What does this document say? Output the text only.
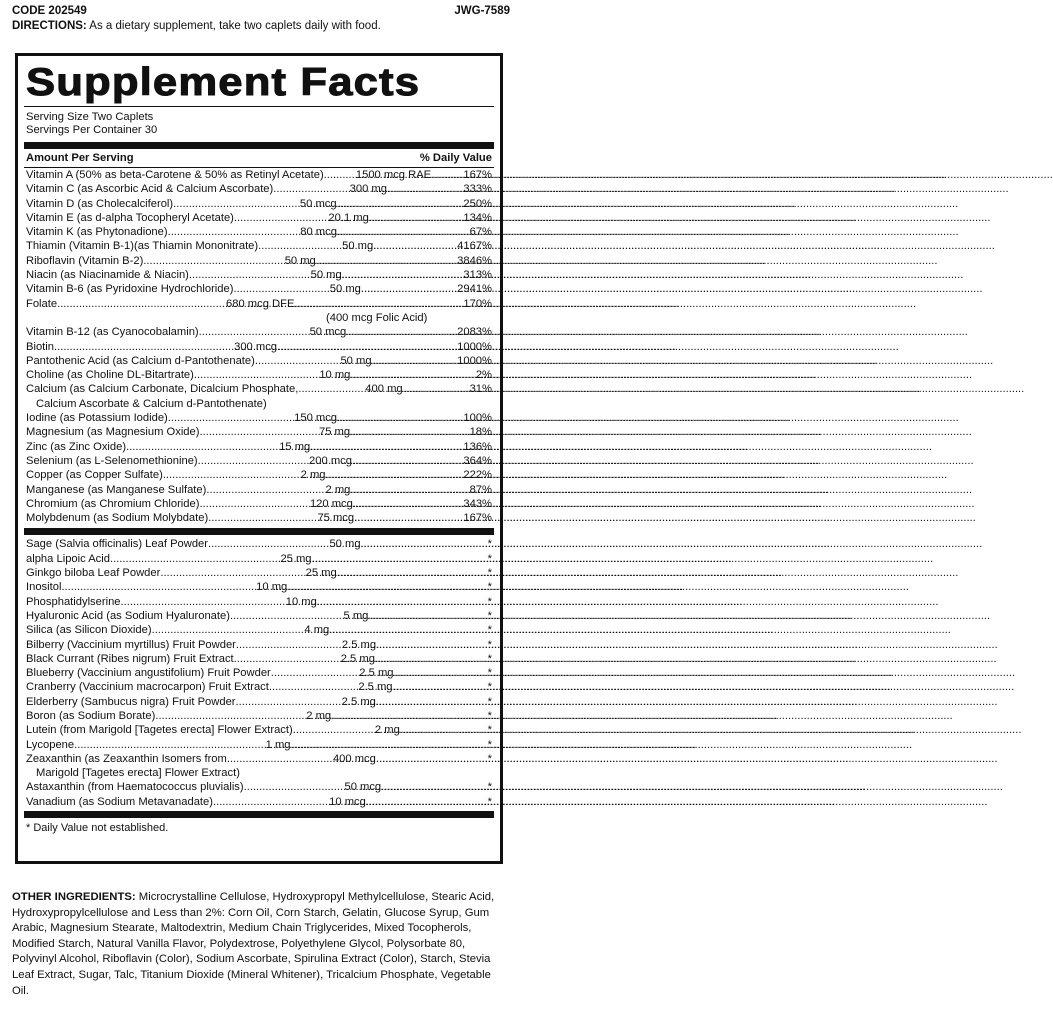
CODE 202549	JWG-7589
DIRECTIONS: As a dietary supplement, take two caplets daily with food.
Supplement Facts
Serving Size Two Caplets
Servings Per Container 30
Amount Per Serving	% Daily Value
Vitamin A (50% as beta-Carotene & 50% as Retinyl Acetate) .....	1500 mcg RAE .....	167%
Vitamin C (as Ascorbic Acid & Calcium Ascorbate) .....	300 mg .....	333%
Vitamin D (as Cholecalciferol) .....	50 mcg .....	250%
Vitamin E (as d-alpha Tocopheryl Acetate) .....	20.1 mg .....	134%
Vitamin K (as Phytonadione) .....	80 mcg .....	67%
Thiamin (Vitamin B-1)(as Thiamin Mononitrate) .....	50 mg .....	4167%
Riboflavin (Vitamin B-2) .....	50 mg .....	3846%
Niacin (as Niacinamide & Niacin) .....	50 mg .....	313%
Vitamin B-6 (as Pyridoxine Hydrochloride) .....	50 mg .....	2941%
Folate .....	680 mcg DFE .....	170%
(400 mcg Folic Acid)
Vitamin B-12 (as Cyanocobalamin) .....	50 mcg .....	2083%
Biotin .....	300 mcg .....	1000%
Pantothenic Acid (as Calcium d-Pantothenate) .....	50 mg .....	1000%
Choline (as Choline DL-Bitartrate) .....	10 mg .....	2%
Calcium (as Calcium Carbonate, Dicalcium Phosphate, .....	400 mg .....	31%
Calcium Ascorbate & Calcium d-Pantothenate)
Iodine (as Potassium Iodide) .....	150 mcg .....	100%
Magnesium (as Magnesium Oxide) .....	75 mg .....	18%
Zinc (as Zinc Oxide) .....	15 mg .....	136%
Selenium (as L-Selenomethionine) .....	200 mcg .....	364%
Copper (as Copper Sulfate) .....	2 mg .....	222%
Manganese (as Manganese Sulfate) .....	2 mg .....	87%
Chromium (as Chromium Chloride) .....	120 mcg .....	343%
Molybdenum (as Sodium Molybdate) .....	75 mcg .....	167%
Sage (Salvia officinalis) Leaf Powder .....	50 mg .....	*
alpha Lipoic Acid .....	25 mg .....	*
Ginkgo biloba Leaf Powder .....	25 mg .....	*
Inositol .....	10 mg .....	*
Phosphatidylserine .....	10 mg .....	*
Hyaluronic Acid (as Sodium Hyaluronate) .....	5 mg .....	*
Silica (as Silicon Dioxide) .....	4 mg .....	*
Bilberry (Vaccinium myrtillus) Fruit Powder .....	2.5 mg .....	*
Black Currant (Ribes nigrum) Fruit Extract .....	2.5 mg .....	*
Blueberry (Vaccinium angustifolium) Fruit Powder .....	2.5 mg .....	*
Cranberry (Vaccinium macrocarpon) Fruit Extract .....	2.5 mg .....	*
Elderberry (Sambucus nigra) Fruit Powder .....	2.5 mg .....	*
Boron (as Sodium Borate) .....	2 mg .....	*
Lutein (from Marigold [Tagetes erecta] Flower Extract) .....	2 mg .....	*
Lycopene .....	1 mg .....	*
Zeaxanthin (as Zeaxanthin Isomers from .....	400 mcg .....	*
Marigold [Tagetes erecta] Flower Extract)
Astaxanthin (from Haematococcus pluvialis) .....	50 mcg .....	*
Vanadium (as Sodium Metavanadate) .....	10 mcg .....	*
* Daily Value not established.
OTHER INGREDIENTS: Microcrystalline Cellulose, Hydroxypropyl Methylcellulose, Stearic Acid, Hydroxypropylcellulose and Less than 2%: Corn Oil, Corn Starch, Gelatin, Glucose Syrup, Gum Arabic, Magnesium Stearate, Maltodextrin, Medium Chain Triglycerides, Mixed Tocopherols, Modified Starch, Natural Vanilla Flavor, Polydextrose, Polyethylene Glycol, Polysorbate 80, Polyvinyl Alcohol, Riboflavin (Color), Sodium Ascorbate, Spirulina Extract (Color), Starch, Stevia Leaf Extract, Sugar, Talc, Titanium Dioxide (Mineral Whitener), Tricalcium Phosphate, Vegetable Oil.
